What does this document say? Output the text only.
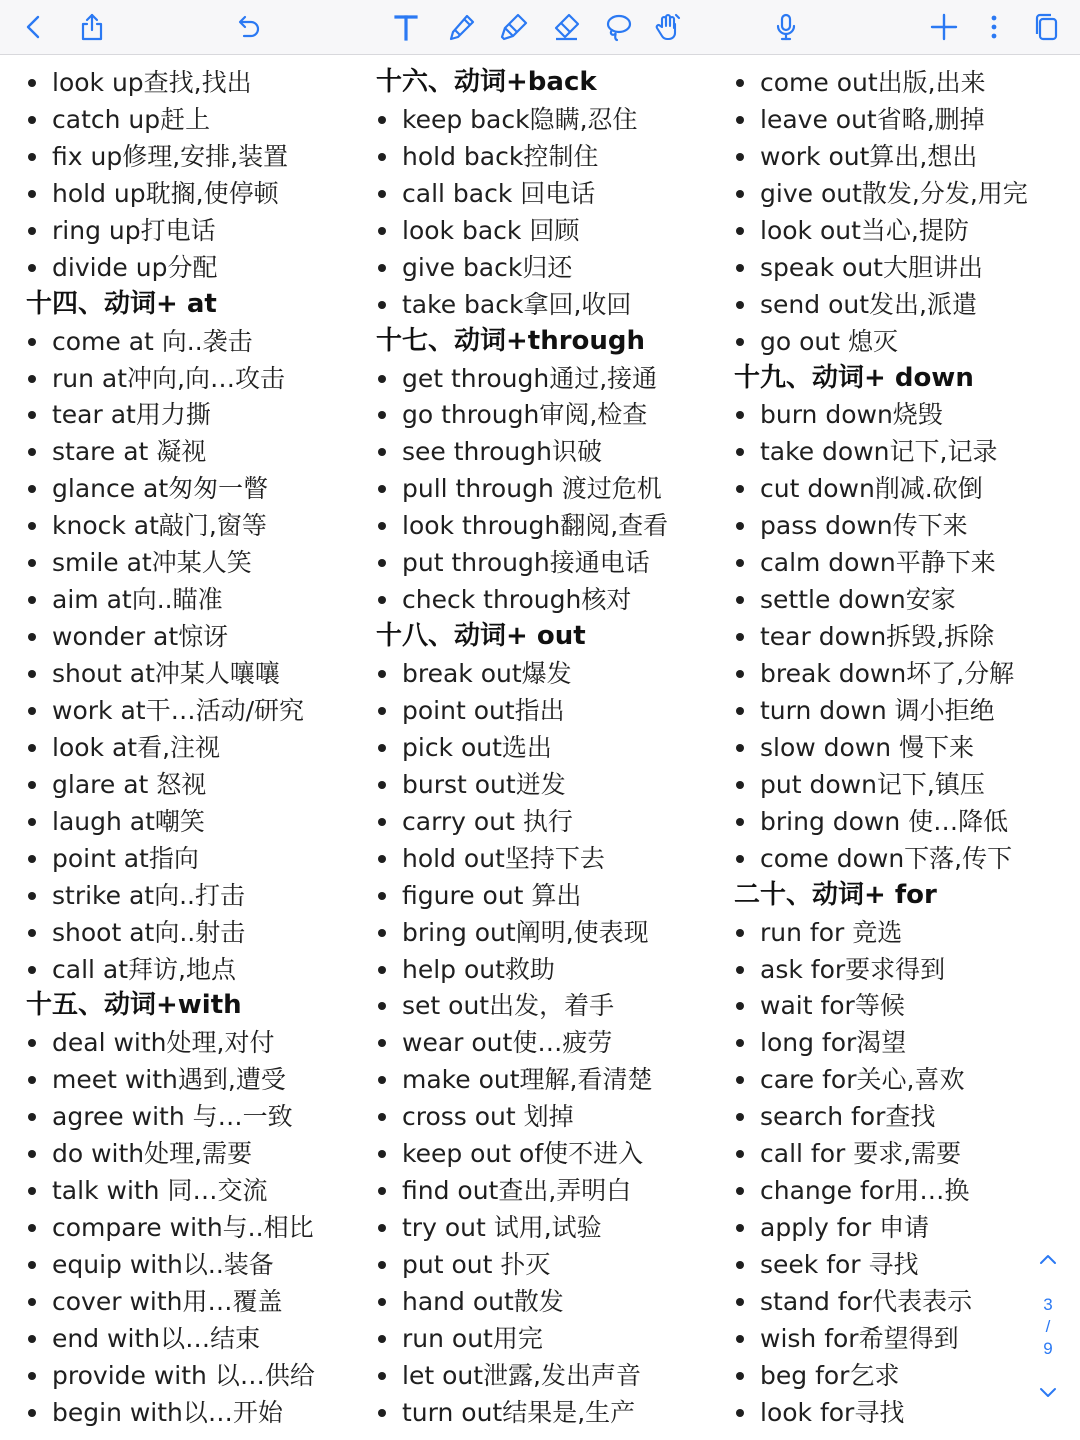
look up查找,找出
catch up赶上
fix up修理,安排,装置
hold up耽搁,使停顿
ring up打电话
divide up分配
十四、动词+ at
come at 向..袭击
run at冲向,向…攻击
tear at用力撕
stare at 凝视
glance at匆匆一瞥
knock at敲门,窗等
smile at冲某人笑
aim at向..瞄准
wonder at惊讶
shout at冲某人嚷嚷
work at干…活动/研究
look at看,注视
glare at 怒视
laugh at嘲笑
point at指向
strike at向..打击
shoot at向..射击
call at拜访,地点
十五、动词+with
deal with处理,对付
meet with遇到,遭受
agree with 与…一致
do with处理,需要
talk with 同…交流
compare with与..相比
equip with以..装备
cover with用…覆盖
end with以…结束
provide with 以…供给
begin with以…开始
十六、动词+back
keep back隐瞒,忍住
hold back控制住
call back 回电话
look back 回顾
give back归还
take back拿回,收回
十七、动词+through
get through通过,接通
go through审阅,检查
see through识破
pull through 渡过危机
look through翻阅,查看
put through接通电话
check through核对
十八、动词+ out
break out爆发
point out指出
pick out选出
burst out迸发
carry out 执行
hold out坚持下去
figure out 算出
bring out阐明,使表现
help out救助
set out出发，着手
wear out使…疲劳
make out理解,看清楚
cross out 划掉
keep out of使不进入
find out查出,弄明白
try out 试用,试验
put out 扑灭
hand out散发
run out用完
let out泄露,发出声音
turn out结果是,生产
come out出版,出来
leave out省略,删掉
work out算出,想出
give out散发,分发,用完
look out当心,提防
speak out大胆讲出
send out发出,派遣
go out 熄灭
十九、动词+ down
burn down烧毁
take down记下,记录
cut down削减.砍倒
pass down传下来
calm down平静下来
settle down安家
tear down拆毁,拆除
break down坏了,分解
turn down 调小拒绝
slow down 慢下来
put down记下,镇压
bring down 使…降低
come down下落,传下
二十、动词+ for
run for 竞选
ask for要求得到
wait for等候
long for渴望
care for关心,喜欢
search for查找
call for 要求,需要
change for用…换
apply for 申请
seek for 寻找
stand for代表表示
wish for希望得到
beg for乞求
look for寻找
3
/
9
